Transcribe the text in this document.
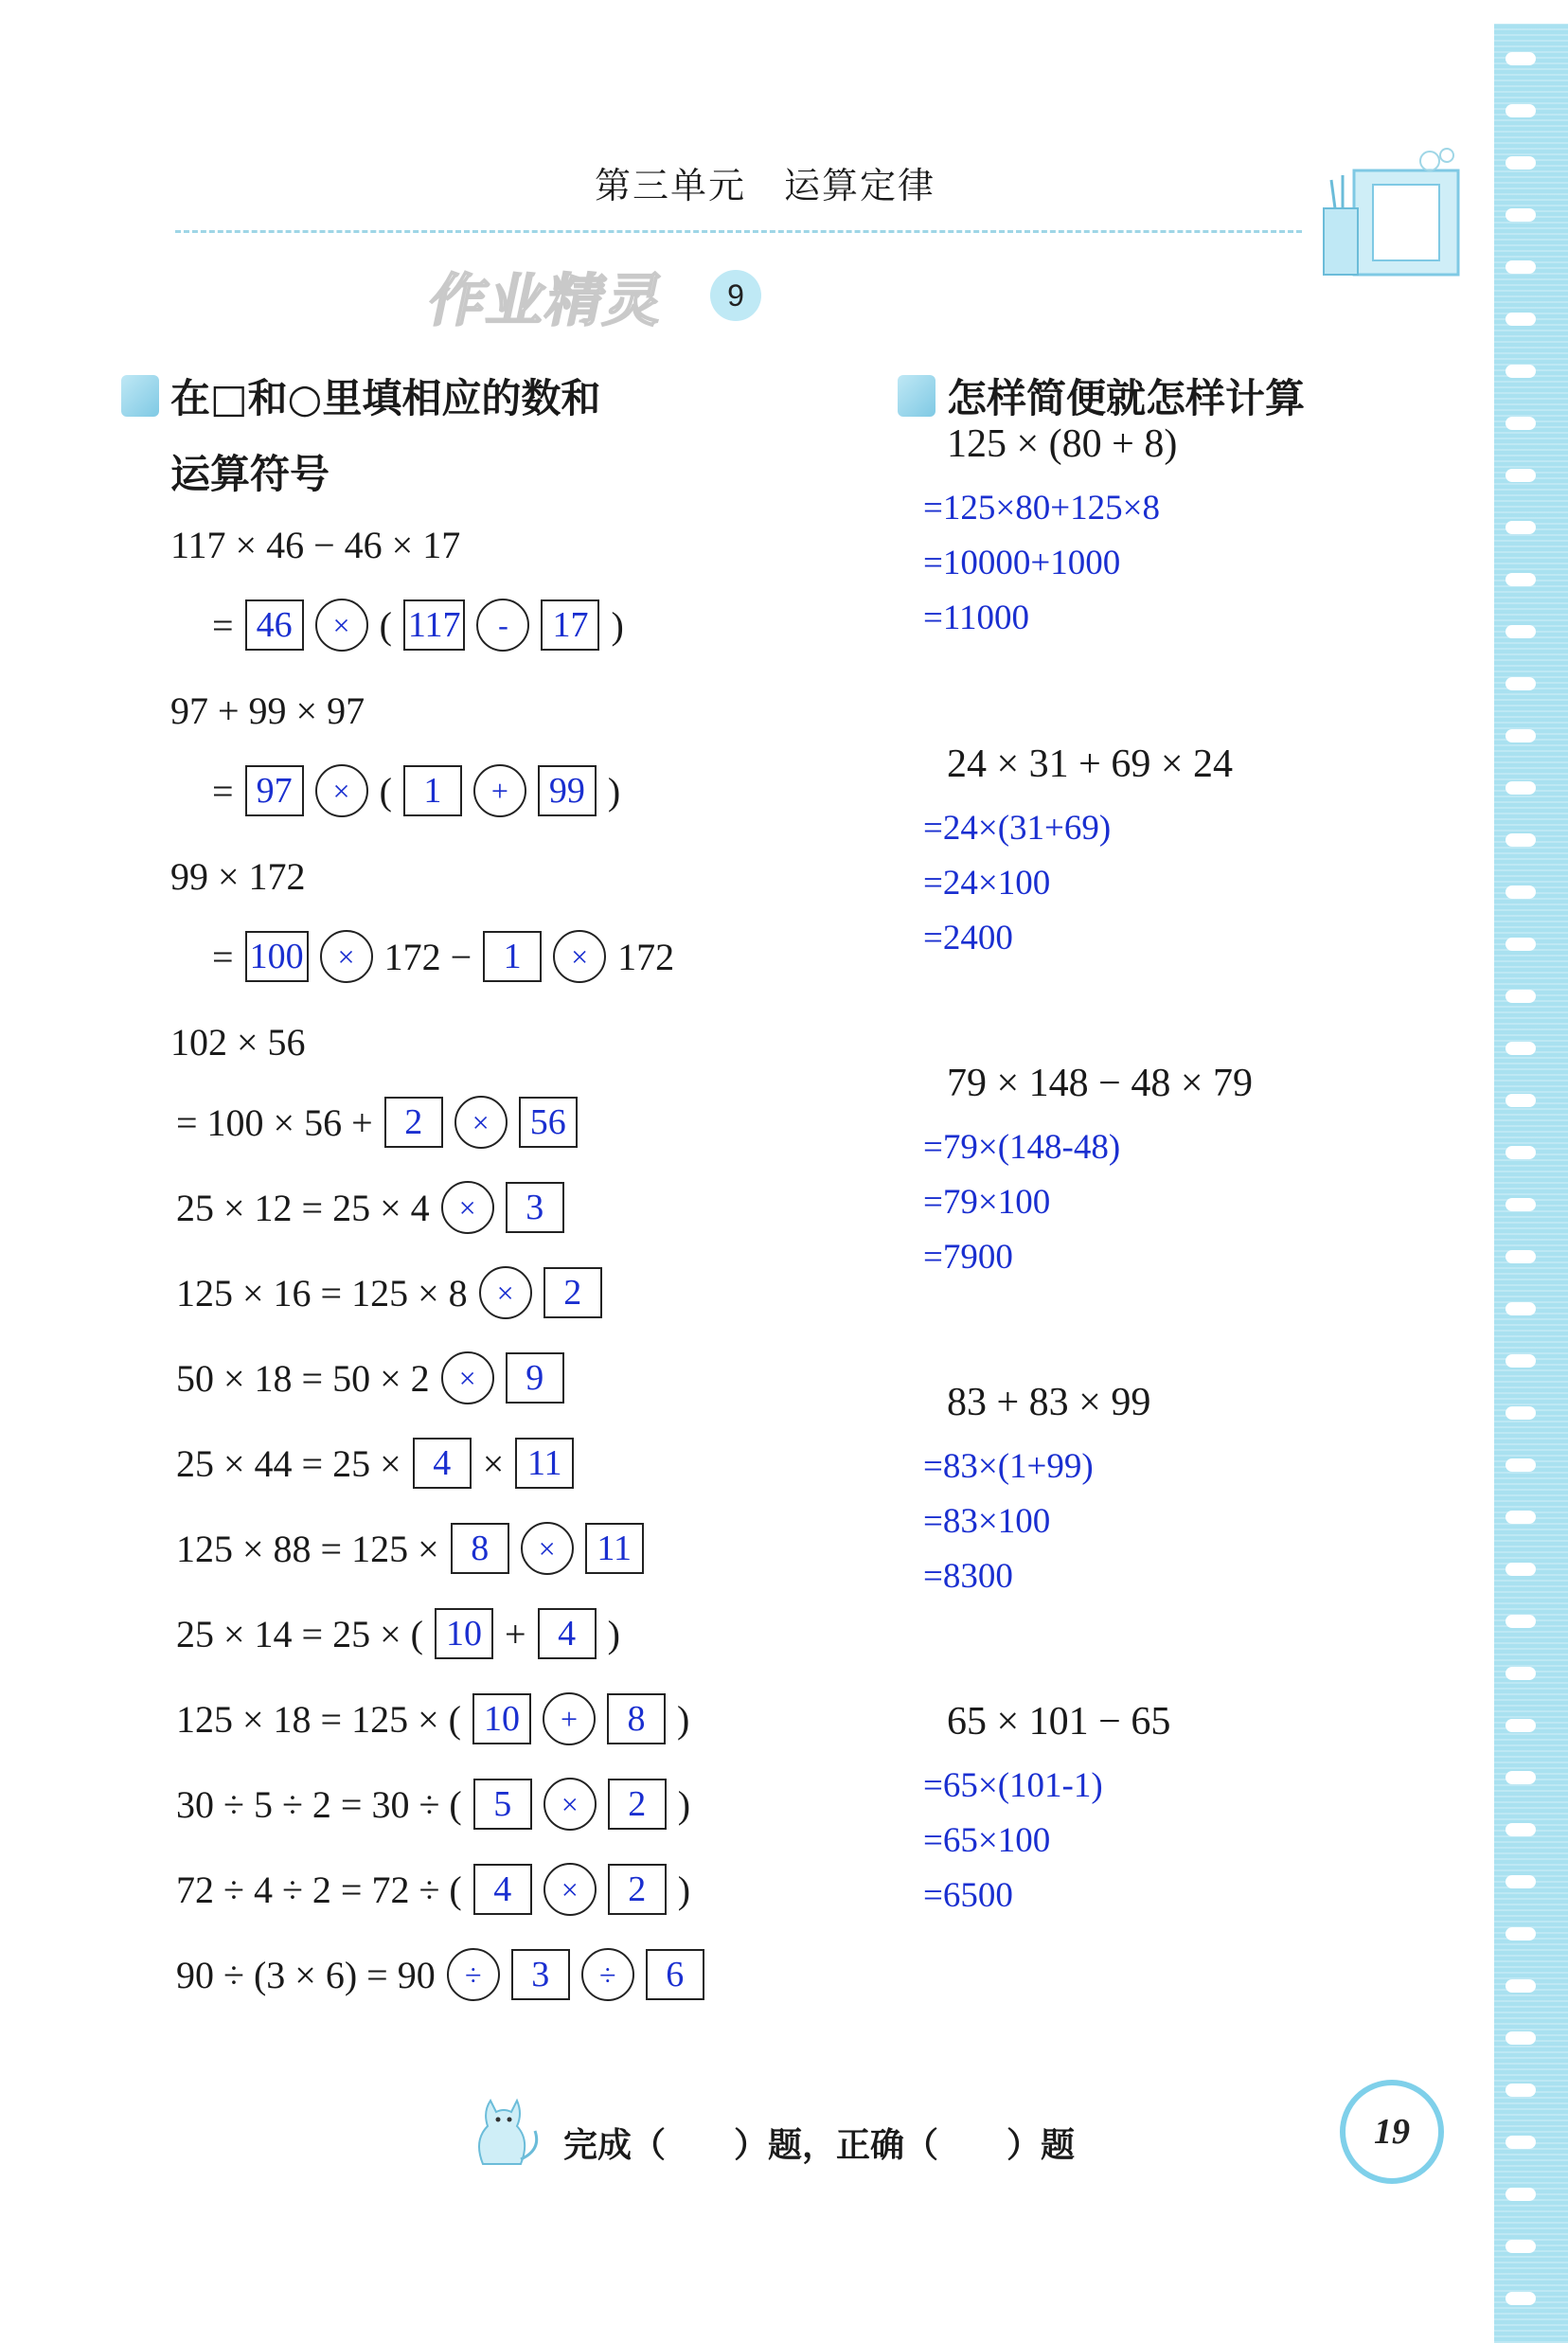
第三单元　运算定律
作业精灵	9
在□和○里填相应的数和
运算符号
117 × 46 − 46 × 17
= 46	× ( 117	-	17 )
97 + 99 × 97
= 97	× ( 1	+	99 )
99 × 172
= 100	× 172 − 1	× 172
102 × 56
= 100 × 56 + 2	×	56
25 × 12 = 25 × 4 ×	3
125 × 16 = 125 × 8 ×	2
50 × 18 = 50 × 2 ×	9
25 × 44 = 25 × 4 × 11
125 × 88 = 125 × 8	×	11
25 × 14 = 25 × ( 10 + 4 )
125 × 18 = 125 × ( 10	+	8 )
30 ÷ 5 ÷ 2 = 30 ÷ ( 5	×	2 )
72 ÷ 4 ÷ 2 = 72 ÷ ( 4	×	2 )
90 ÷ (3 × 6) = 90 ÷	3	÷	6
怎样简便就怎样计算
125 × (80 + 8)
=125×80+125×8
=10000+1000
=11000
24 × 31 + 69 × 24
=24×(31+69)
=24×100
=2400
79 × 148 − 48 × 79
=79×(148-48)
=79×100
=7900
83 + 83 × 99
=83×(1+99)
=83×100
=8300
65 × 101 − 65
=65×(101-1)
=65×100
=6500
完成（　　）题，正确（　　）题	19
